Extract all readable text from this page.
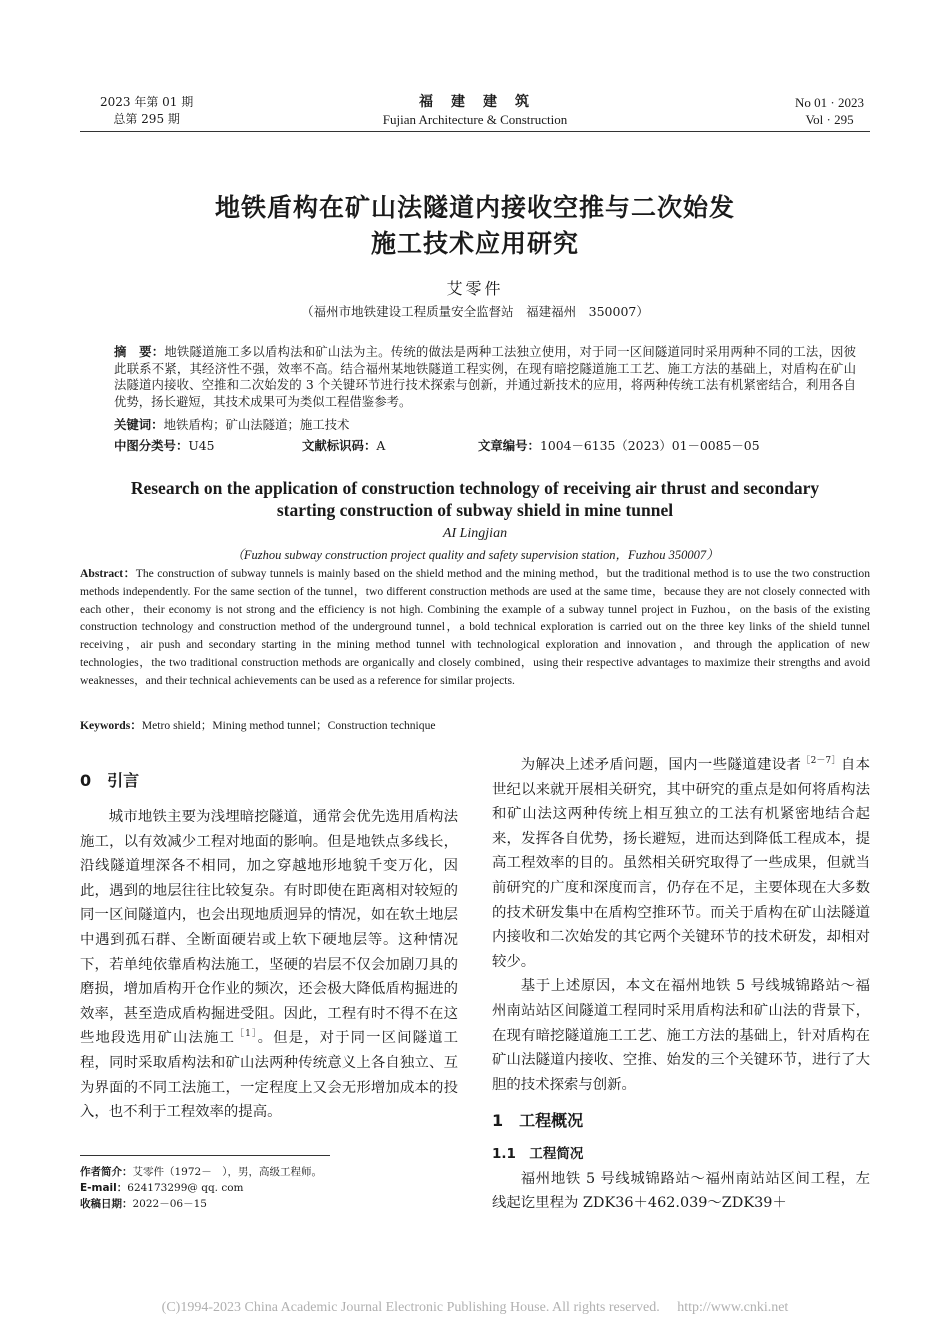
2023 年第 01 期
总第 295 期
福　建　建　筑
Fujian Architecture & Construction
No 01 · 2023
Vol · 295
地铁盾构在矿山法隧道内接收空推与二次始发
施工技术应用研究
艾零件
（福州市地铁建设工程质量安全监督站　福建福州　350007）
摘　要：地铁隧道施工多以盾构法和矿山法为主。传统的做法是两种工法独立使用，对于同一区间隧道同时采用两种不同的工法，因彼此联系不紧，其经济性不强，效率不高。结合福州某地铁隧道工程实例，在现有暗挖隧道施工工艺、施工方法的基础上，对盾构在矿山法隧道内接收、空推和二次始发的 3 个关键环节进行技术探索与创新，并通过新技术的应用，将两种传统工法有机紧密结合，利用各自优势，扬长避短，其技术成果可为类似工程借鉴参考。
关键词：地铁盾构；矿山法隧道；施工技术
中图分类号：U45	文献标识码：A	文章编号：1004－6135（2023）01－0085－05
Research on the application of construction technology of receiving air thrust and secondary
starting construction of subway shield in mine tunnel
AI Lingjian
（Fuzhou subway construction project quality and safety supervision station，Fuzhou 350007）
Abstract：The construction of subway tunnels is mainly based on the shield method and the mining method，but the traditional method is to use the two construction methods independently. For the same section of the tunnel，two different construction methods are used at the same time，because they are not closely connected with each other，their economy is not strong and the efficiency is not high. Combining the example of a subway tunnel project in Fuzhou，on the basis of the existing construction technology and construction method of the underground tunnel，a bold technical exploration is carried out on the three key links of the shield tunnel receiving，air push and secondary starting in the mining method tunnel with technological exploration and innovation，and through the application of new technologies，the two traditional construction methods are organically and closely combined，using their respective advantages to maximize their strengths and avoid weaknesses，and their technical achievements can be used as a reference for similar projects.
Keywords：Metro shield；Mining method tunnel；Construction technique
0　引言

城市地铁主要为浅埋暗挖隧道，通常会优先选用盾构法施工，以有效减少工程对地面的影响。但是地铁点多线长，沿线隧道埋深各不相同，加之穿越地形地貌千变万化，因此，遇到的地层往往比较复杂。有时即使在距离相对较短的同一区间隧道内，也会出现地质迥异的情况，如在软土地层中遇到孤石群、全断面硬岩或上软下硬地层等。这种情况下，若单纯依靠盾构法施工，坚硬的岩层不仅会加剧刀具的磨损，增加盾构开仓作业的频次，还会极大降低盾构掘进的效率，甚至造成盾构掘进受阻。因此，工程有时不得不在这些地段选用矿山法施工$^{[1]}$。但是，对于同一区间隧道工程，同时采取盾构法和矿山法两种传统意义上各自独立、互为界面的不同工法施工，一定程度上又会无形增加成本的投入，也不利于工程效率的提高。

作者简介：艾零件（1972－　），男，高级工程师。
E-mail：624173299@ qq. com
收稿日期：2022－06－15

为解决上述矛盾问题，国内一些隧道建设者$^{[2-7]}$自本世纪以来就开展相关研究，其中研究的重点是如何将盾构法和矿山法这两种传统上相互独立的工法有机紧密地结合起来，发挥各自优势，扬长避短，进而达到降低工程成本，提高工程效率的目的。虽然相关研究取得了一些成果，但就当前研究的广度和深度而言，仍存在不足，主要体现在大多数的技术研发集中在盾构空推环节。而关于盾构在矿山法隧道内接收和二次始发的其它两个关键环节的技术研发，却相对较少。

基于上述原因，本文在福州地铁 5 号线城锦路站～福州南站站区间隧道工程同时采用盾构法和矿山法的背景下，在现有暗挖隧道施工工艺、施工方法的基础上，针对盾构在矿山法隧道内接收、空推、始发的三个关键环节，进行了大胆的技术探索与创新。

1　工程概况
1.1　工程简况

福州地铁 5 号线城锦路站～福州南站站区间工程，左线起讫里程为 ZDK36＋462.039～ZDK39＋

(C)1994-2023 China Academic Journal Electronic Publishing House. All rights reserved.　 http://www.cnki.net
